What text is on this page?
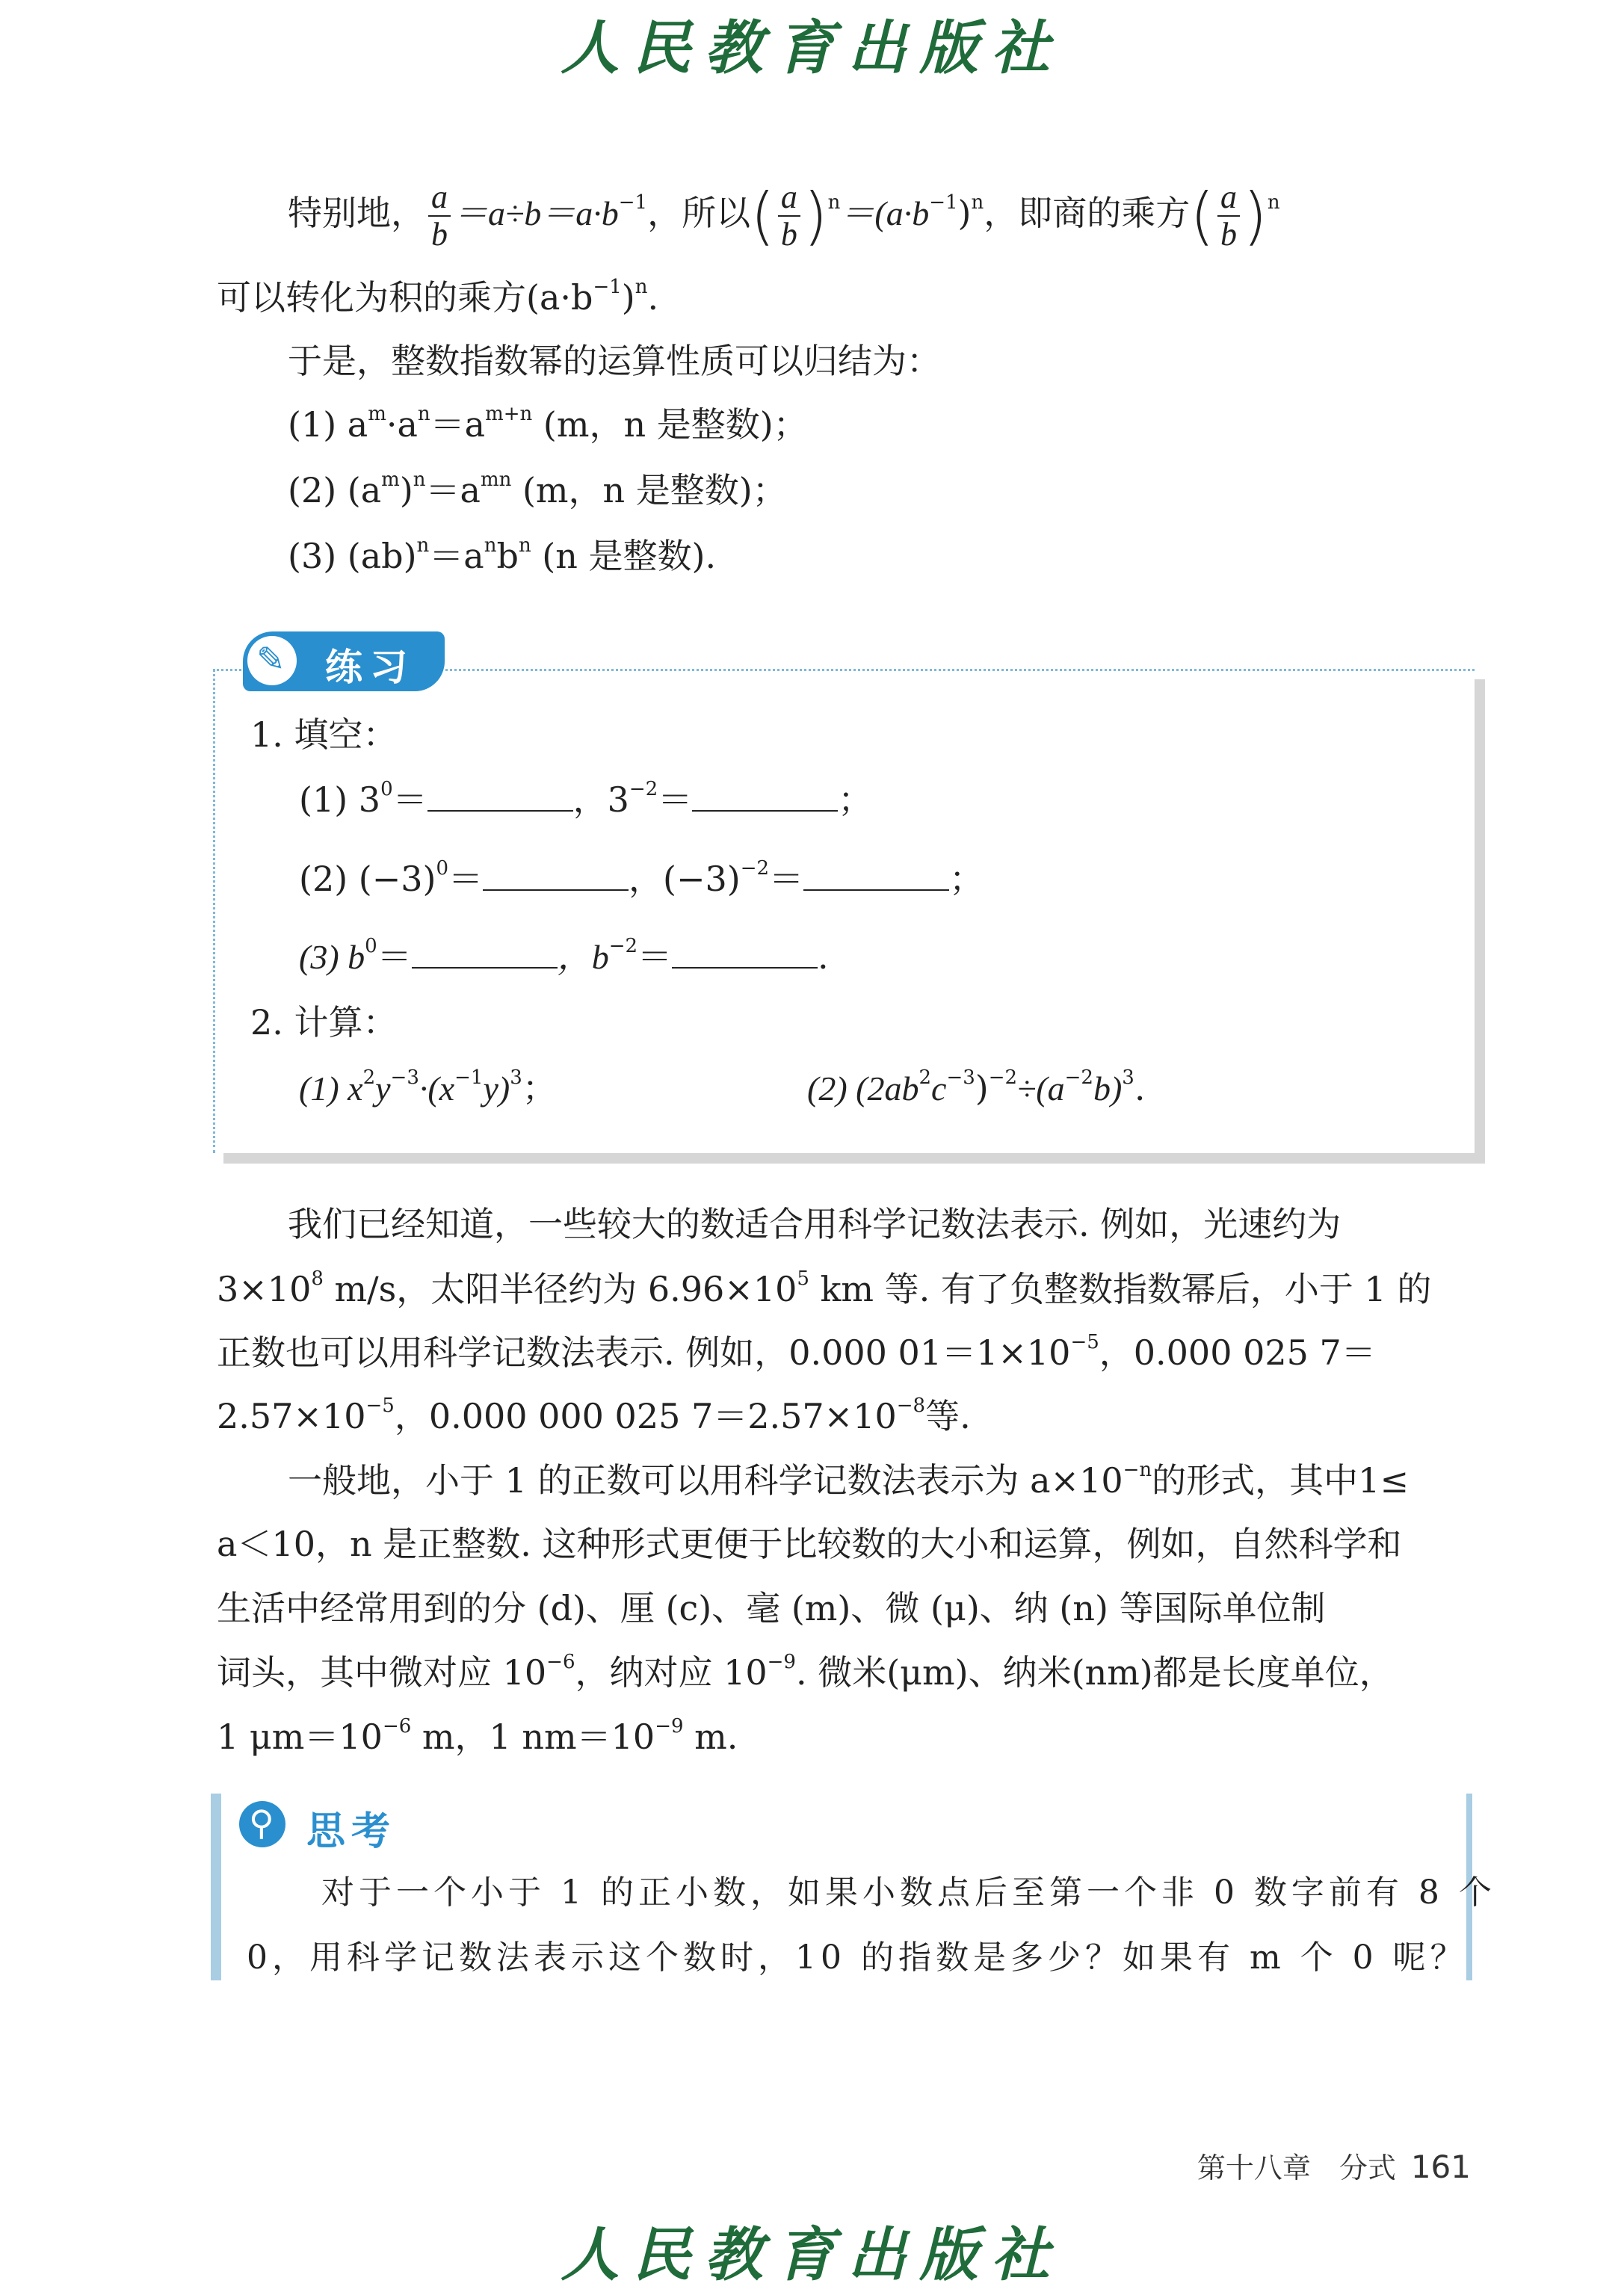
人民教育出版社
特别地， $\frac{a}{b} =a\div b=a\cdot b^{-1}$，所以( $\frac{a}{b} )^n=(a\cdot b^{-1})^n$，即商的乘方( $\frac{a}{b} )^n$
可以转化为积的乘方$(a\cdot b^{-1})^n$.
于是，整数指数幂的运算性质可以归结为：
(1) $a^m\cdot a^n=a^{m+n}$ (m，n 是整数)；
(2) $(a^m)^n=a^{mn}$ (m，n 是整数)；
(3) $(ab)^n=a^nb^n$ (n 是整数).
✎
练习
1. 填空：
(1) $3^0=$	，$3^{-2}=$	；
(2) $(-3)^0=$	，$(-3)^{-2}=$	；
(3) $b^0=$	，$b^{-2}=$	.
2. 计算：
(1) $x^2y^{-3}\cdot(x^{-1}y)^3$；	(2) $(2ab^2c^{-3})^{-2}\div(a^{-2}b)^3$.
我们已经知道，一些较大的数适合用科学记数法表示. 例如，光速约为
$3\times 10^8$ m/s，太阳半径约为 $6.96\times 10^5$ km 等. 有了负整数指数幂后，小于 1 的
正数也可以用科学记数法表示. 例如，0.000 $01=1\times 10^{-5}$，0.000 025 7＝
$2.57\times 10^{-5}$，0.000 000 025 $7=2.57\times 10^{-8}$等.
一般地，小于 1 的正数可以用科学记数法表示为 $a\times 10^{-n}$的形式，其中1≤
a＜10，n 是正整数. 这种形式更便于比较数的大小和运算，例如，自然科学和
生活中经常用到的分 (d)、厘 (c)、毫 (m)、微 (μ)、纳 (n) 等国际单位制
词头，其中微对应 $10^{-6}$，纳对应 $10^{-9}$. 微米(μm)、纳米(nm)都是长度单位，
1 $\mu m=10^{-6}$ m，1 $nm=10^{-9}$ m.
⚲
思考
对于一个小于 1 的正小数，如果小数点后至第一个非 0 数字前有 8 个
0，用科学记数法表示这个数时，10 的指数是多少？如果有 m 个 0 呢？
第十八章　分式 161
人民教育出版社
